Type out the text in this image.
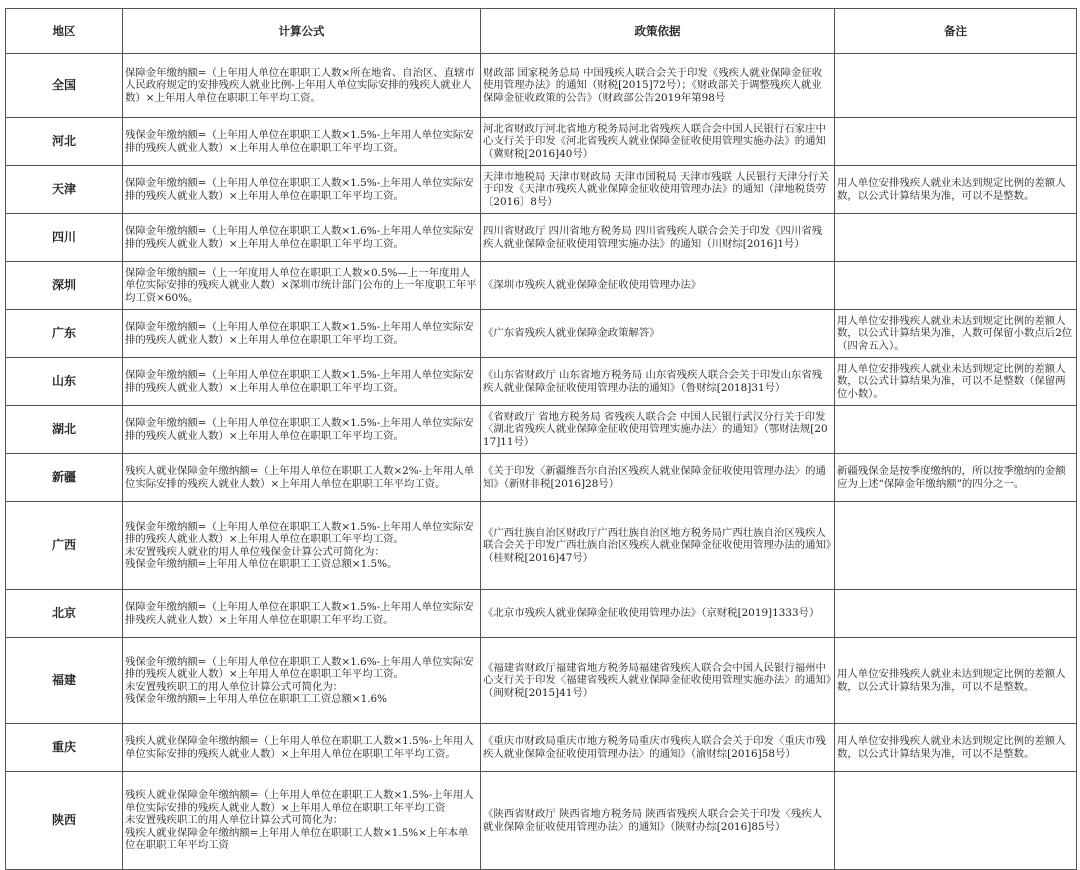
地区	计算公式	政策依据	备注
全国	保障金年缴纳额=（上年用人单位在职职工人数×所在地省、自治区、直辖市人民政府规定的安排残疾人就业比例-上年用人单位实际安排的残疾人就业人数）×上年用人单位在职职工年平均工资。	财政部 国家税务总局 中国残疾人联合会关于印发《残疾人就业保障金征收使用管理办法》的通知（财税[2015]72号）；《财政部关于调整残疾人就业保障金征收政策的公告》（财政部公告2019年第98号	
河北	残保金年缴纳额=（上年用人单位在职职工人数×1.5%-上年用人单位实际安排的残疾人就业人数）×上年用人单位在职职工年平均工资。	河北省财政厅河北省地方税务局河北省残疾人联合会中国人民银行石家庄中心支行关于印发《河北省残疾人就业保障金征收使用管理实施办法》的通知（冀财税[2016]40号）	
天津	保障金年缴纳额=（上年用人单位在职职工人数×1.5%-上年用人单位实际安排的残疾人就业人数）×上年用人单位在职职工年平均工资。	天津市地税局 天津市财政局 天津市国税局 天津市残联 人民银行天津分行关于印发《天津市残疾人就业保障金征收使用管理办法》的通知（津地税货劳〔2016〕8号）	用人单位安排残疾人就业未达到规定比例的差额人数，以公式计算结果为准，可以不是整数。
四川	保障金年缴纳额=（上年用人单位在职职工人数×1.6%-上年用人单位实际安排的残疾人就业人数）×上年用人单位在职职工年平均工资。	四川省财政厅 四川省地方税务局 四川省残疾人联合会关于印发《四川省残疾人就业保障金征收使用管理实施办法》的通知（川财综[2016]1号）	
深圳	保障金年缴纳额=（上一年度用人单位在职职工人数×0.5%—上一年度用人单位实际安排的残疾人就业人数）×深圳市统计部门公布的上一年度职工年平均工资×60%。	《深圳市残疾人就业保障金征收使用管理办法》	
广东	保障金年缴纳额=（上年用人单位在职职工人数×1.5%-上年用人单位实际安排的残疾人就业人数）×上年用人单位在职职工年平均工资。	《广东省残疾人就业保障金政策解答》	用人单位安排残疾人就业未达到规定比例的差额人数，以公式计算结果为准，人数可保留小数点后2位（四舍五入）。
山东	保障金年缴纳额=（上年用人单位在职职工人数×1.5%-上年用人单位实际安排的残疾人就业人数）×上年用人单位在职职工年平均工资。	《山东省财政厅 山东省地方税务局 山东省残疾人联合会关于印发山东省残疾人就业保障金征收使用管理办法的通知》（鲁财综[2018]31号）	用人单位安排残疾人就业未达到规定比例的差额人数，以公式计算结果为准，可以不是整数（保留两位小数）。
湖北	保障金年缴纳额=（上年用人单位在职职工人数×1.5%-上年用人单位实际安排的残疾人就业人数）×上年用人单位在职职工年平均工资。	《省财政厅 省地方税务局 省残疾人联合会 中国人民银行武汉分行关于印发〈湖北省残疾人就业保障金征收使用管理实施办法〉的通知》（鄂财法规[2017]11号）	
新疆	残疾人就业保障金年缴纳额=（上年用人单位在职职工人数×2%-上年用人单位实际安排的残疾人就业人数）×上年用人单位在职职工年平均工资。	《关于印发〈新疆维吾尔自治区残疾人就业保障金征收使用管理办法〉的通知》（新财非税[2016]28号）	新疆残保金是按季度缴纳的，所以按季缴纳的金额应为上述“保障金年缴纳额”的四分之一。
广西	残保金年缴纳额=（上年用人单位在职职工人数×1.5%-上年用人单位实际安排的残疾人就业人数）×上年用人单位在职职工年平均工资。
未安置残疾人就业的用人单位残保金计算公式可简化为：
残保金年缴纳额=上年用人单位在职职工工资总额×1.5%。	《广西壮族自治区财政厅广西壮族自治区地方税务局广西壮族自治区残疾人联合会关于印发广西壮族自治区残疾人就业保障金征收使用管理办法的通知》（桂财税[2016]47号）	
北京	保障金年缴纳额=（上年用人单位在职职工人数×1.5%-上年用人单位实际安排残疾人就业人数）×上年用人单位在职职工年平均工资。	《北京市残疾人就业保障金征收使用管理办法》（京财税[2019]1333号）	
福建	残保金年缴纳额=（上年用人单位在职职工人数×1.6%-上年用人单位实际安排的残疾人就业人数）×上年用人单位在职职工年平均工资。
未安置残疾职工的用人单位计算公式可简化为：
残保金年缴纳额=上年用人单位在职职工工资总额×1.6%	《福建省财政厅福建省地方税务局福建省残疾人联合会中国人民银行福州中心支行关于印发〈福建省残疾人就业保障金征收使用管理实施办法〉的通知》（闽财税[2015]41号）	用人单位安排残疾人就业未达到规定比例的差额人数，以公式计算结果为准，可以不是整数。
重庆	残疾人就业保障金年缴纳额=（上年用人单位在职职工人数×1.5%-上年用人单位实际安排的残疾人就业人数）×上年用人单位在职职工年平均工资。	《重庆市财政局重庆市地方税务局重庆市残疾人联合会关于印发〈重庆市残疾人就业保障金征收使用管理办法〉的通知》（渝财综[2016]58号）	用人单位安排残疾人就业未达到规定比例的差额人数，以公式计算结果为准，可以不是整数。
陕西	残疾人就业保障金年缴纳额=（上年用人单位在职职工人数×1.5%-上年用人单位实际安排的残疾人就业人数）×上年用人单位在职职工年平均工资
未安置残疾职工的用人单位计算公式可简化为：
残疾人就业保障金年缴纳额=上年用人单位在职职工人数×1.5%×上年本单位在职职工年平均工资	《陕西省财政厅 陕西省地方税务局 陕西省残疾人联合会关于印发〈残疾人就业保障金征收使用管理办法〉的通知》（陕财办综[2016]85号）	
